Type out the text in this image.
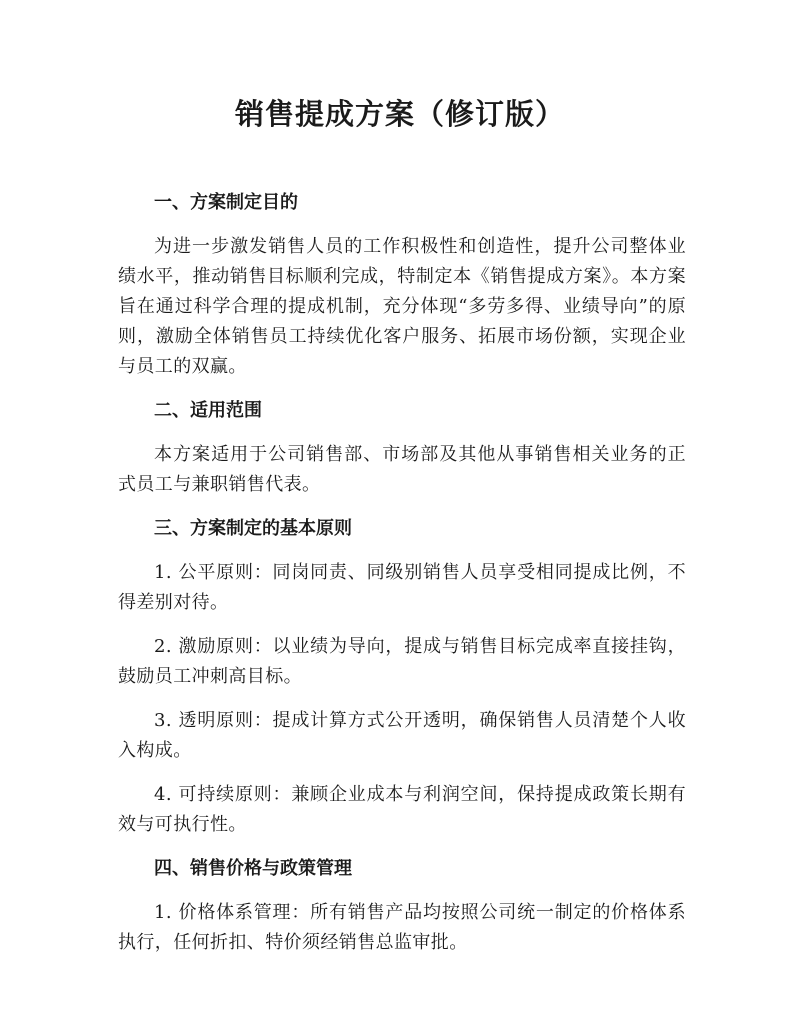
销售提成方案（修订版）

一、方案制定目的

为进一步激发销售人员的工作积极性和创造性，提升公司整体业绩水平，推动销售目标顺利完成，特制定本《销售提成方案》。本方案旨在通过科学合理的提成机制，充分体现“多劳多得、业绩导向”的原则，激励全体销售员工持续优化客户服务、拓展市场份额，实现企业与员工的双赢。

二、适用范围

本方案适用于公司销售部、市场部及其他从事销售相关业务的正式员工与兼职销售代表。

三、方案制定的基本原则

1. 公平原则：同岗同责、同级别销售人员享受相同提成比例，不得差别对待。

2. 激励原则：以业绩为导向，提成与销售目标完成率直接挂钩，鼓励员工冲刺高目标。

3. 透明原则：提成计算方式公开透明，确保销售人员清楚个人收入构成。

4. 可持续原则：兼顾企业成本与利润空间，保持提成政策长期有效与可执行性。

四、销售价格与政策管理

1. 价格体系管理：所有销售产品均按照公司统一制定的价格体系执行，任何折扣、特价须经销售总监审批。
